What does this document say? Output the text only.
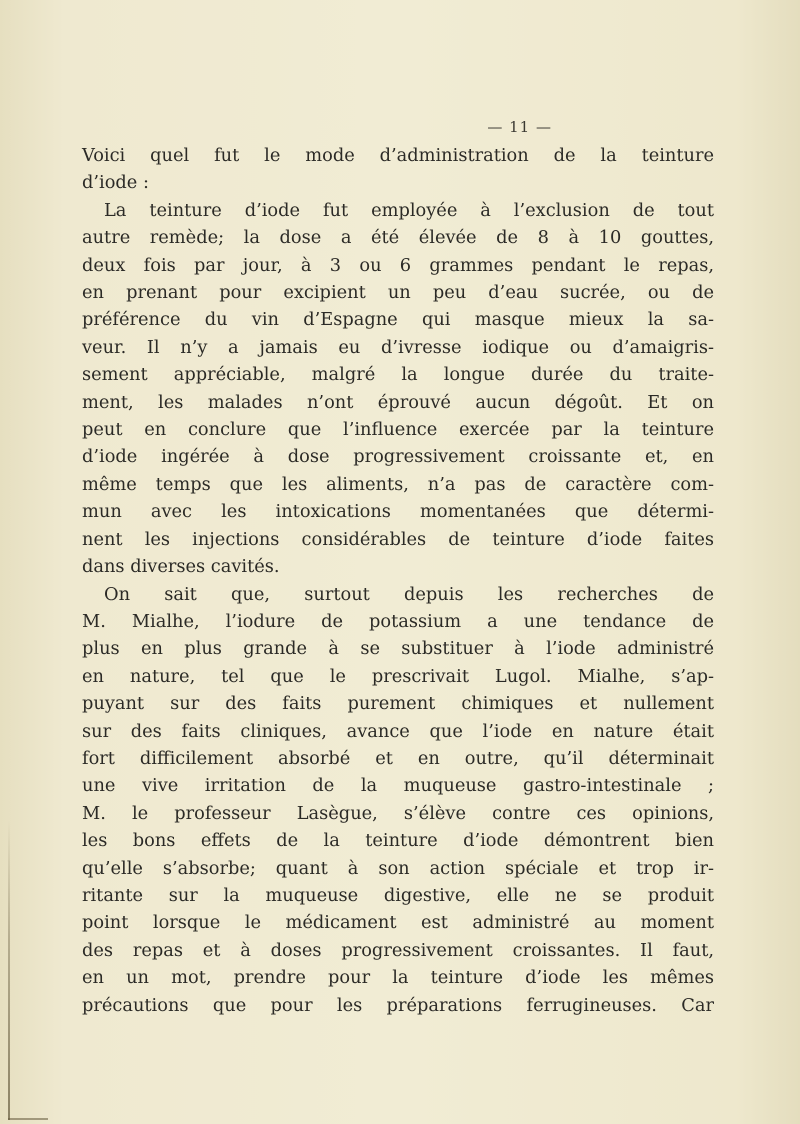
— 11 —
Voici quel fut le mode d’administration de la teinture
d’iode :
La teinture d’iode fut employée à l’exclusion de tout
autre remède; la dose a été élevée de 8 à 10 gouttes,
deux fois par jour, à 3 ou 6 grammes pendant le repas,
en prenant pour excipient un peu d’eau sucrée, ou de
préférence du vin d’Espagne qui masque mieux la sa-
veur. Il n’y a jamais eu d’ivresse iodique ou d’amaigris-
sement appréciable, malgré la longue durée du traite-
ment, les malades n’ont éprouvé aucun dégoût. Et on
peut en conclure que l’influence exercée par la teinture
d’iode ingérée à dose progressivement croissante et, en
même temps que les aliments, n’a pas de caractère com-
mun avec les intoxications momentanées que détermi-
nent les injections considérables de teinture d’iode faites
dans diverses cavités.
On sait que, surtout depuis les recherches de
M. Mialhe, l’iodure de potassium a une tendance de
plus en plus grande à se substituer à l’iode administré
en nature, tel que le prescrivait Lugol. Mialhe, s’ap-
puyant sur des faits purement chimiques et nullement
sur des faits cliniques, avance que l’iode en nature était
fort difficilement absorbé et en outre, qu’il déterminait
une vive irritation de la muqueuse gastro-intestinale ;
M. le professeur Lasègue, s’élève contre ces opinions,
les bons effets de la teinture d’iode démontrent bien
qu’elle s’absorbe; quant à son action spéciale et trop ir-
ritante sur la muqueuse digestive, elle ne se produit
point lorsque le médicament est administré au moment
des repas et à doses progressivement croissantes. Il faut,
en un mot, prendre pour la teinture d’iode les mêmes
précautions que pour les préparations ferrugineuses. Car
